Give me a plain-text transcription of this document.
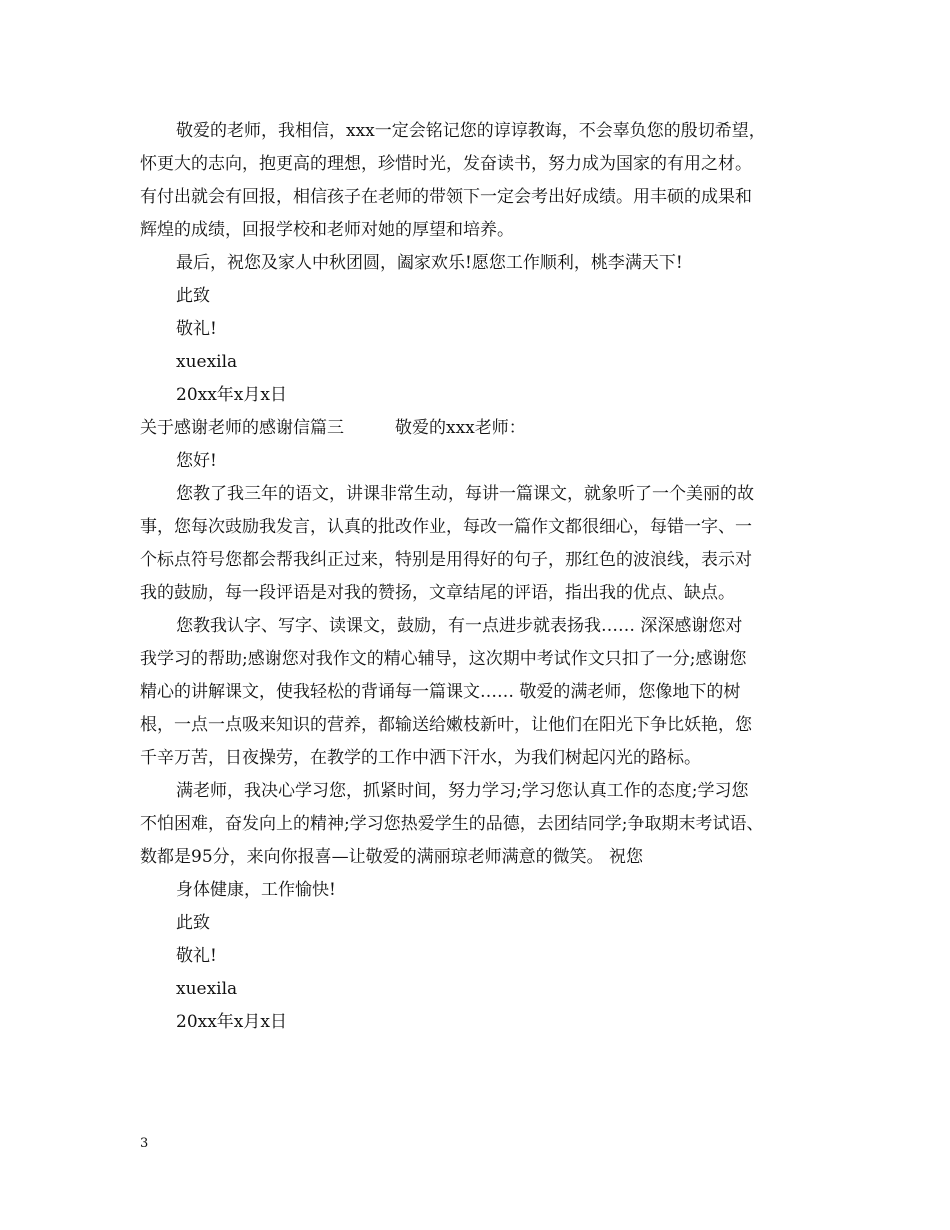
敬爱的老师，我相信，xxx一定会铭记您的谆谆教诲，不会辜负您的殷切希望，
怀更大的志向，抱更高的理想，珍惜时光，发奋读书，努力成为国家的有用之材。
有付出就会有回报，相信孩子在老师的带领下一定会考出好成绩。用丰硕的成果和
辉煌的成绩，回报学校和老师对她的厚望和培养。
最后，祝您及家人中秋团圆，阖家欢乐!愿您工作顺利，桃李满天下!
此致
敬礼!
xuexila
20xx年x月x日
关于感谢老师的感谢信篇三　　　敬爱的xxx老师：
您好!
您教了我三年的语文，讲课非常生动，每讲一篇课文，就象听了一个美丽的故
事，您每次豉励我发言，认真的批改作业，每改一篇作文都很细心，每错一字、一
个标点符号您都会帮我纠正过来，特别是用得好的句子，那红色的波浪线，表示对
我的鼓励，每一段评语是对我的赞扬，文章结尾的评语，指出我的优点、缺点。
您教我认字、写字、读课文，鼓励，有一点进步就表扬我…… 深深感谢您对
我学习的帮助;感谢您对我作文的精心辅导，这次期中考试作文只扣了一分;感谢您
精心的讲解课文，使我轻松的背诵每一篇课文…… 敬爱的满老师，您像地下的树
根，一点一点吸来知识的营养，都输送给嫩枝新叶，让他们在阳光下争比妖艳，您
千辛万苦，日夜操劳，在教学的工作中洒下汗水，为我们树起闪光的路标。
满老师，我决心学习您，抓紧时间，努力学习;学习您认真工作的态度;学习您
不怕困难，奋发向上的精神;学习您热爱学生的品德，去团结同学;争取期末考试语、
数都是95分，来向你报喜—让敬爱的满丽琼老师满意的微笑。 祝您
身体健康，工作愉快!
此致
敬礼!
xuexila
20xx年x月x日
3
